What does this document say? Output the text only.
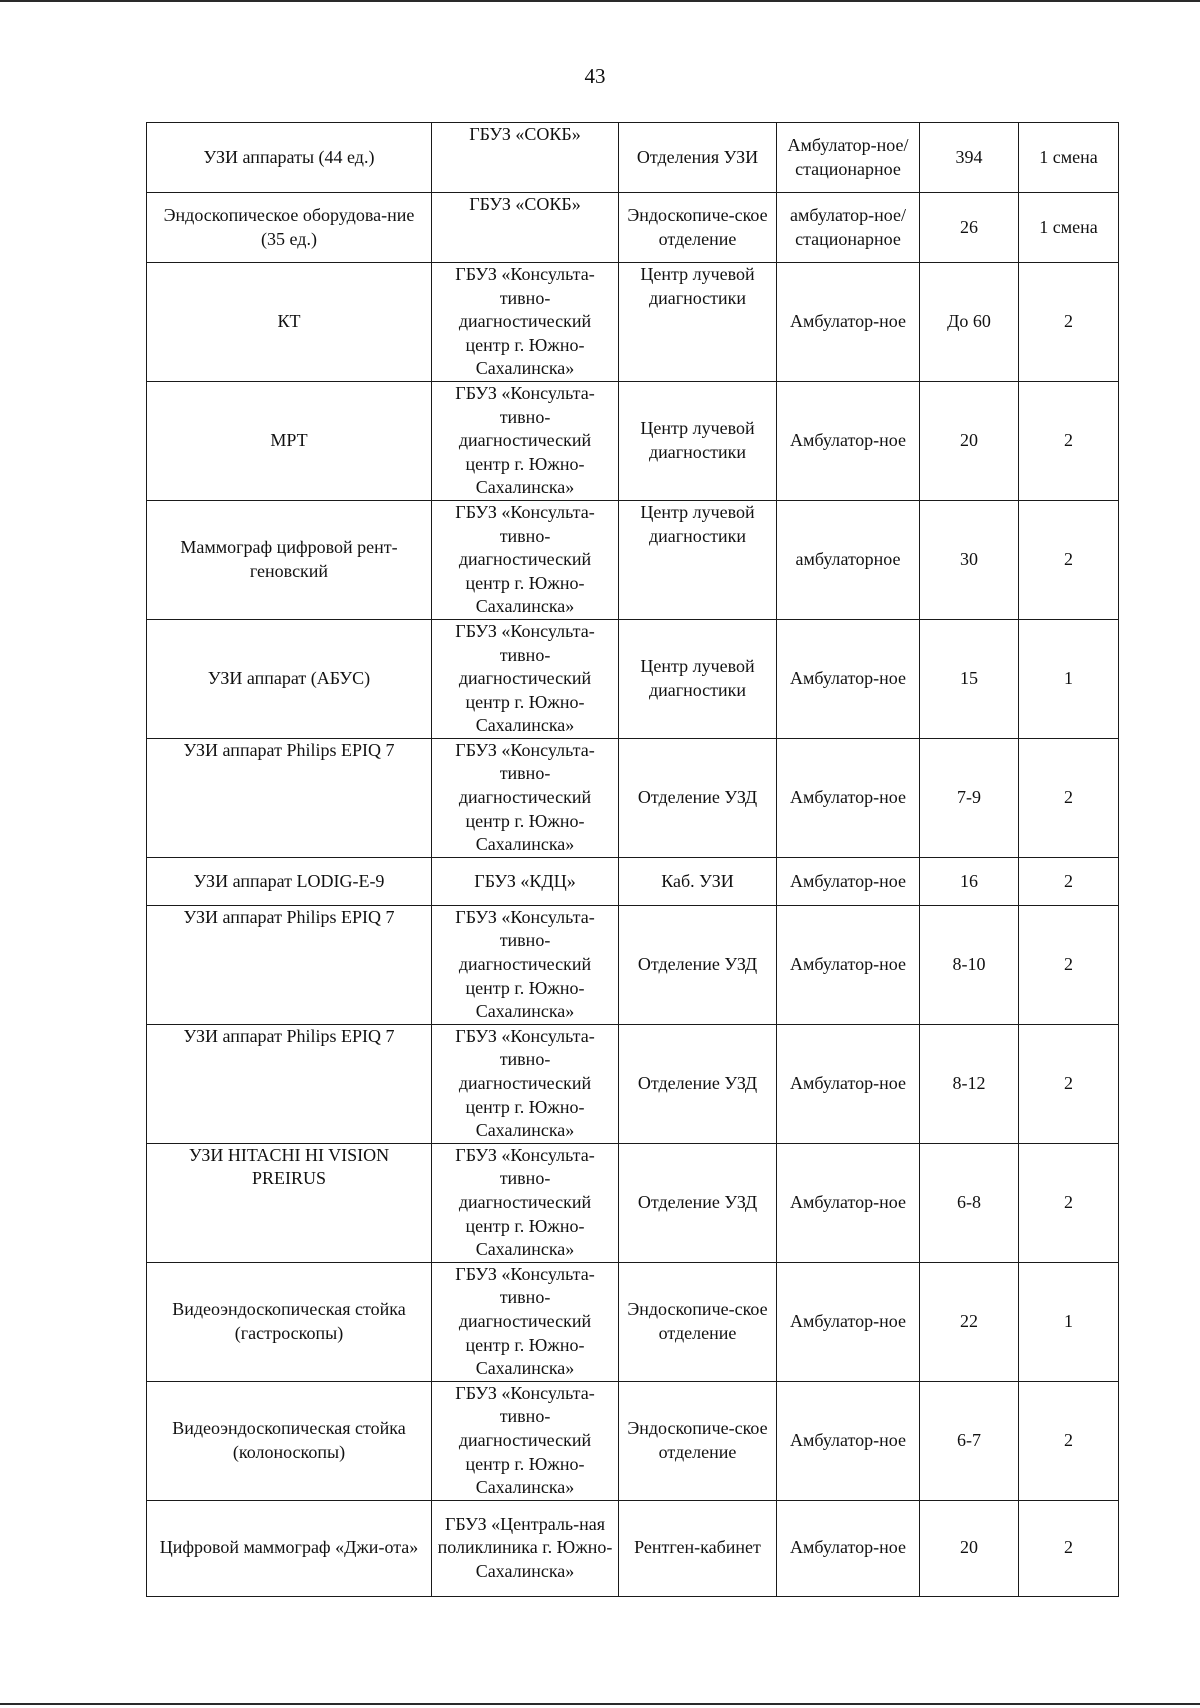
43
УЗИ аппараты (44 ед.)	ГБУЗ «СОКБ»	Отделения УЗИ	Амбулатор-ное/ стационарное	394	1 смена
Эндоскопическое оборудова-ние (35 ед.)	ГБУЗ «СОКБ»	Эндоскопиче-ское отделение	амбулатор-ное/ стационарное	26	1 смена
КТ	ГБУЗ «Консульта-тивно-диагностический центр г. Южно-Сахалинска»	Центр лучевой диагностики	Амбулатор-ное	До 60	2
МРТ	ГБУЗ «Консульта-тивно-диагностический центр г. Южно-Сахалинска»	Центр лучевой диагностики	Амбулатор-ное	20	2
Маммограф цифровой рент-геновский	ГБУЗ «Консульта-тивно-диагностический центр г. Южно-Сахалинска»	Центр лучевой диагностики	амбулаторное	30	2
УЗИ аппарат (АБУС)	ГБУЗ «Консульта-тивно-диагностический центр г. Южно-Сахалинска»	Центр лучевой диагностики	Амбулатор-ное	15	1
УЗИ аппарат Philips EPIQ 7	ГБУЗ «Консульта-тивно-диагностический центр г. Южно-Сахалинска»	Отделение УЗД	Амбулатор-ное	7-9	2
УЗИ аппарат LODIG-E-9	ГБУЗ «КДЦ»	Каб. УЗИ	Амбулатор-ное	16	2
УЗИ аппарат Philips EPIQ 7	ГБУЗ «Консульта-тивно-диагностический центр г. Южно-Сахалинска»	Отделение УЗД	Амбулатор-ное	8-10	2
УЗИ аппарат Philips EPIQ 7	ГБУЗ «Консульта-тивно-диагностический центр г. Южно-Сахалинска»	Отделение УЗД	Амбулатор-ное	8-12	2
УЗИ HITACHI HI VISION PREIRUS	ГБУЗ «Консульта-тивно-диагностический центр г. Южно-Сахалинска»	Отделение УЗД	Амбулатор-ное	6-8	2
Видеоэндоскопическая стойка (гастроскопы)	ГБУЗ «Консульта-тивно-диагностический центр г. Южно-Сахалинска»	Эндоскопиче-ское отделение	Амбулатор-ное	22	1
Видеоэндоскопическая стойка (колоноскопы)	ГБУЗ «Консульта-тивно-диагностический центр г. Южно-Сахалинска»	Эндоскопиче-ское отделение	Амбулатор-ное	6-7	2
Цифровой маммограф «Джи-ота»	ГБУЗ «Централь-ная поликлиника г. Южно-Сахалинска»	Рентген-кабинет	Амбулатор-ное	20	2
